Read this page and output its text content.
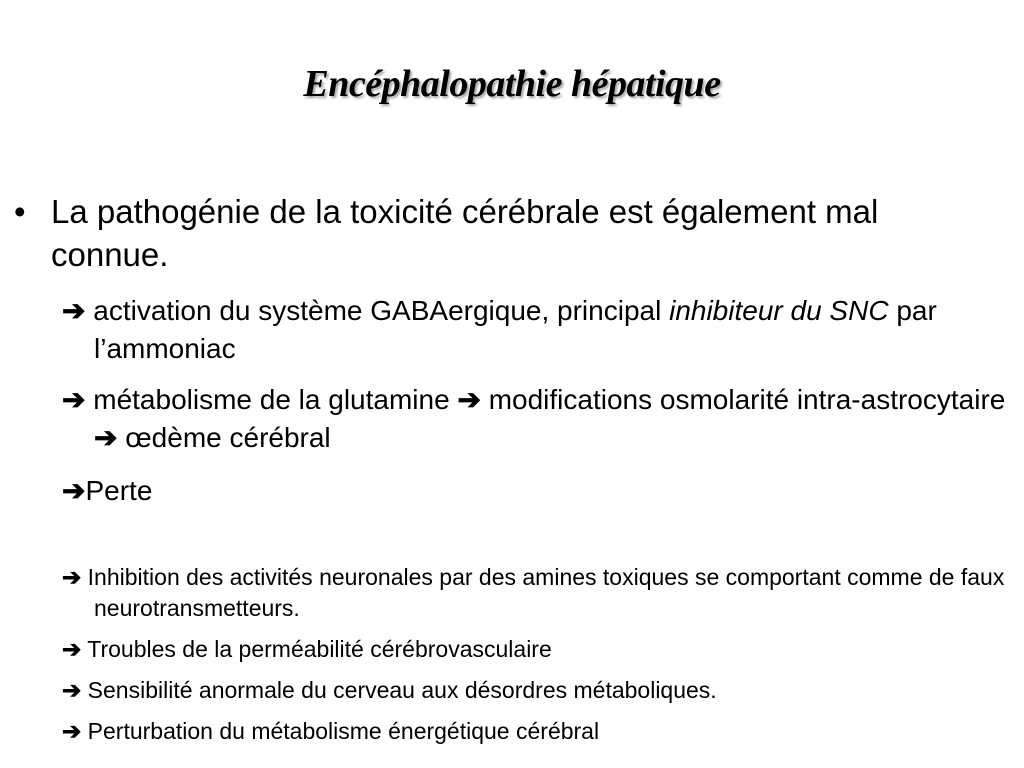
Encéphalopathie hépatique
• La pathogénie de la toxicité cérébrale est également mal connue.
➔ activation du système GABAergique, principal inhibiteur du SNC par l’ammoniac
➔ métabolisme de la glutamine ➔ modifications osmolarité intra-astrocytaire ➔ œdème cérébral
➔Perte
➔ Inhibition des activités neuronales par des amines toxiques se comportant comme de faux neurotransmetteurs.
➔ Troubles de la perméabilité cérébrovasculaire
➔ Sensibilité anormale du cerveau aux désordres métaboliques.
➔ Perturbation du métabolisme énergétique cérébral
